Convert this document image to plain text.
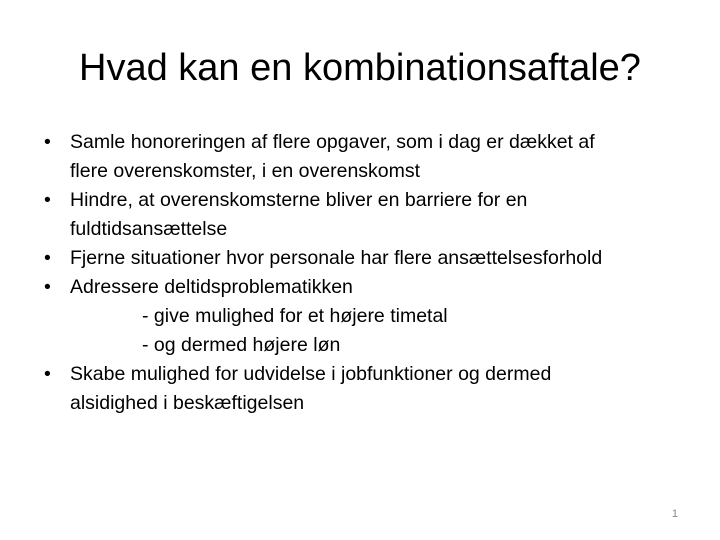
Hvad kan en kombinationsaftale?
• Samle honoreringen af flere opgaver, som i dag er dækket af
flere overenskomster, i en overenskomst
• Hindre, at overenskomsterne bliver en barriere for en
fuldtidsansættelse
• Fjerne situationer hvor personale har flere ansættelsesforhold
• Adressere deltidsproblematikken
- give mulighed for et højere timetal
- og dermed højere løn
• Skabe mulighed for udvidelse i jobfunktioner og dermed
alsidighed i beskæftigelsen
1
